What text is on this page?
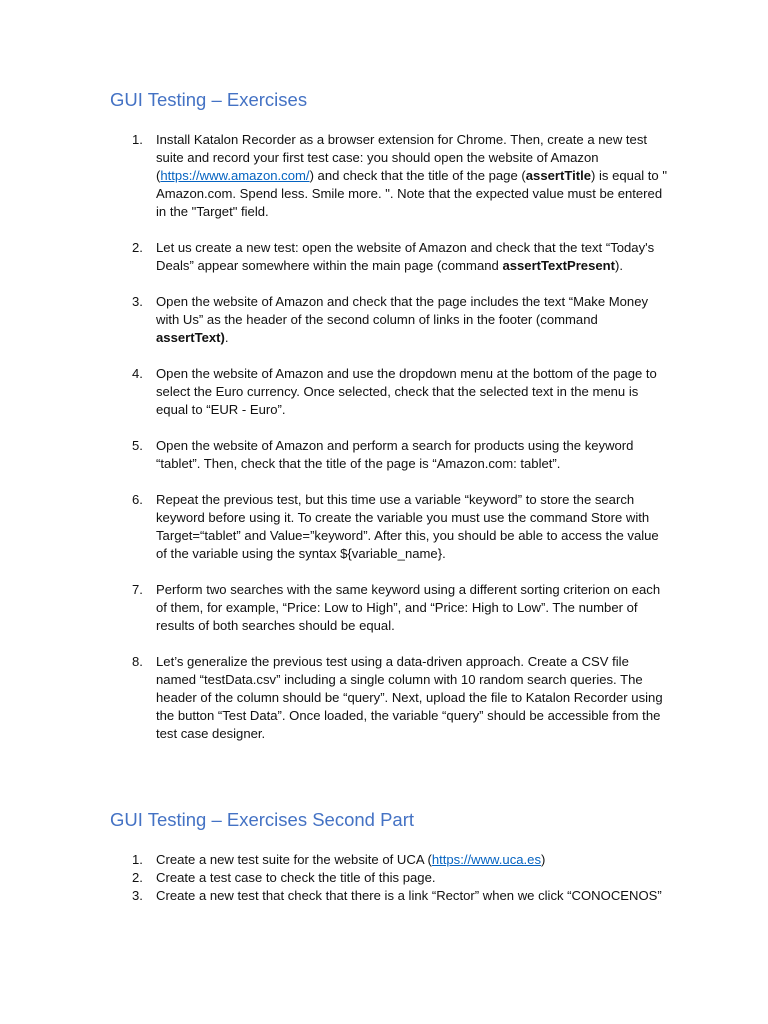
GUI Testing – Exercises
1. Install Katalon Recorder as a browser extension for Chrome. Then, create a new test suite and record your first test case: you should open the website of Amazon (https://www.amazon.com/) and check that the title of the page (assertTitle) is equal to " Amazon.com. Spend less. Smile more. ". Note that the expected value must be entered in the "Target" field.
2. Let us create a new test: open the website of Amazon and check that the text “Today's Deals” appear somewhere within the main page (command assertTextPresent).
3. Open the website of Amazon and check that the page includes the text “Make Money with Us” as the header of the second column of links in the footer (command assertText).
4. Open the website of Amazon and use the dropdown menu at the bottom of the page to select the Euro currency. Once selected, check that the selected text in the menu is equal to “EUR - Euro”.
5. Open the website of Amazon and perform a search for products using the keyword “tablet”. Then, check that the title of the page is “Amazon.com: tablet”.
6. Repeat the previous test, but this time use a variable “keyword” to store the search keyword before using it. To create the variable you must use the command Store with Target=“tablet” and Value=”keyword”. After this, you should be able to access the value of the variable using the syntax ${variable_name}.
7. Perform two searches with the same keyword using a different sorting criterion on each of them, for example, “Price: Low to High”, and “Price: High to Low”. The number of results of both searches should be equal.
8. Let’s generalize the previous test using a data-driven approach. Create a CSV file named “testData.csv” including a single column with 10 random search queries. The header of the column should be “query”. Next, upload the file to Katalon Recorder using the button “Test Data”. Once loaded, the variable “query” should be accessible from the test case designer.
GUI Testing – Exercises Second Part
1. Create a new test suite for the website of UCA (https://www.uca.es)
2. Create a test case to check the title of this page.
3. Create a new test that check that there is a link “Rector” when we click “CONOCENOS”
